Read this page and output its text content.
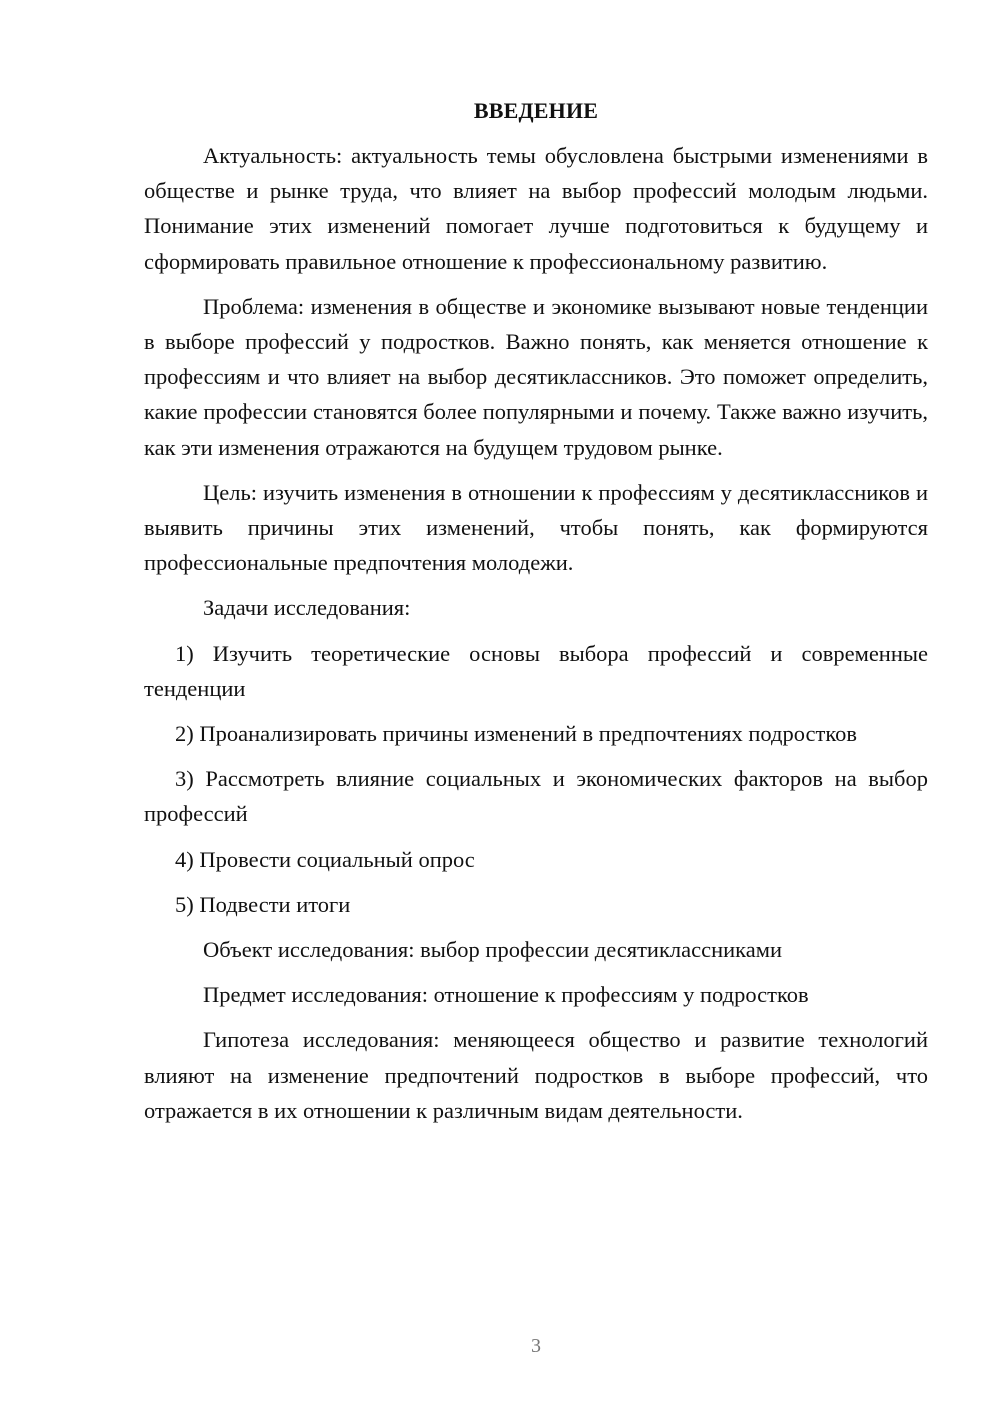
ВВЕДЕНИЕ

Актуальность: актуальность темы обусловлена быстрыми изменениями в обществе и рынке труда, что влияет на выбор профессий молодым людьми. Понимание этих изменений помогает лучше подготовиться к будущему и сформировать правильное отношение к профессиональному развитию.

Проблема: изменения в обществе и экономике вызывают новые тенденции в выборе профессий у подростков. Важно понять, как меняется отношение к профессиям и что влияет на выбор десятиклассников. Это поможет определить, какие профессии становятся более популярными и почему. Также важно изучить, как эти изменения отражаются на будущем трудовом рынке.

Цель: изучить изменения в отношении к профессиям у десятиклассников и выявить причины этих изменений, чтобы понять, как формируются профессиональные предпочтения молодежи.

Задачи исследования:

1) Изучить теоретические основы выбора профессий и современные тенденции

2) Проанализировать причины изменений в предпочтениях подростков

3) Рассмотреть влияние социальных и экономических факторов на выбор профессий

4) Провести социальный опрос

5) Подвести итоги

Объект исследования: выбор профессии десятиклассниками

Предмет исследования: отношение к профессиям у подростков

Гипотеза исследования: меняющееся общество и развитие технологий влияют на изменение предпочтений подростков в выборе профессий, что отражается в их отношении к различным видам деятельности.

3
